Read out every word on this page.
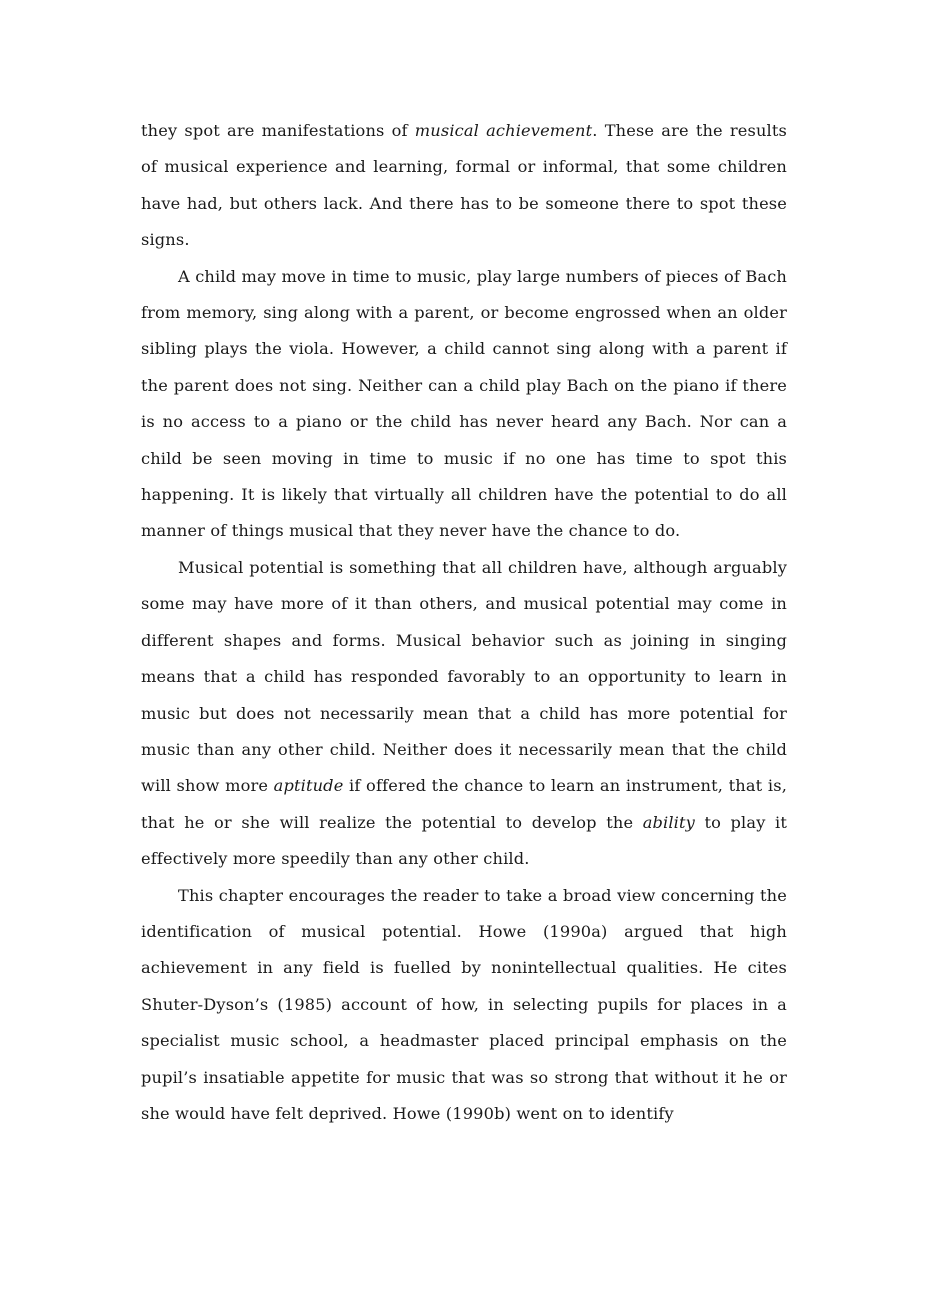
they spot are manifestations of musical achievement. These are the results of musical experience and learning, formal or informal, that some children have had, but others lack. And there has to be someone there to spot these signs.

A child may move in time to music, play large numbers of pieces of Bach from memory, sing along with a parent, or become engrossed when an older sibling plays the viola. However, a child cannot sing along with a parent if the parent does not sing. Neither can a child play Bach on the piano if there is no access to a piano or the child has never heard any Bach. Nor can a child be seen moving in time to music if no one has time to spot this happening. It is likely that virtually all children have the potential to do all manner of things musical that they never have the chance to do.

Musical potential is something that all children have, although arguably some may have more of it than others, and musical potential may come in different shapes and forms. Musical behavior such as joining in singing means that a child has responded favorably to an opportunity to learn in music but does not necessarily mean that a child has more potential for music than any other child. Neither does it necessarily mean that the child will show more aptitude if offered the chance to learn an instrument, that is, that he or she will realize the potential to develop the ability to play it effectively more speedily than any other child.

This chapter encourages the reader to take a broad view concerning the identification of musical potential. Howe (1990a) argued that high achievement in any field is fuelled by nonintellectual qualities. He cites Shuter-Dyson’s (1985) account of how, in selecting pupils for places in a specialist music school, a headmaster placed principal emphasis on the pupil’s insatiable appetite for music that was so strong that without it he or she would have felt deprived. Howe (1990b) went on to identify
